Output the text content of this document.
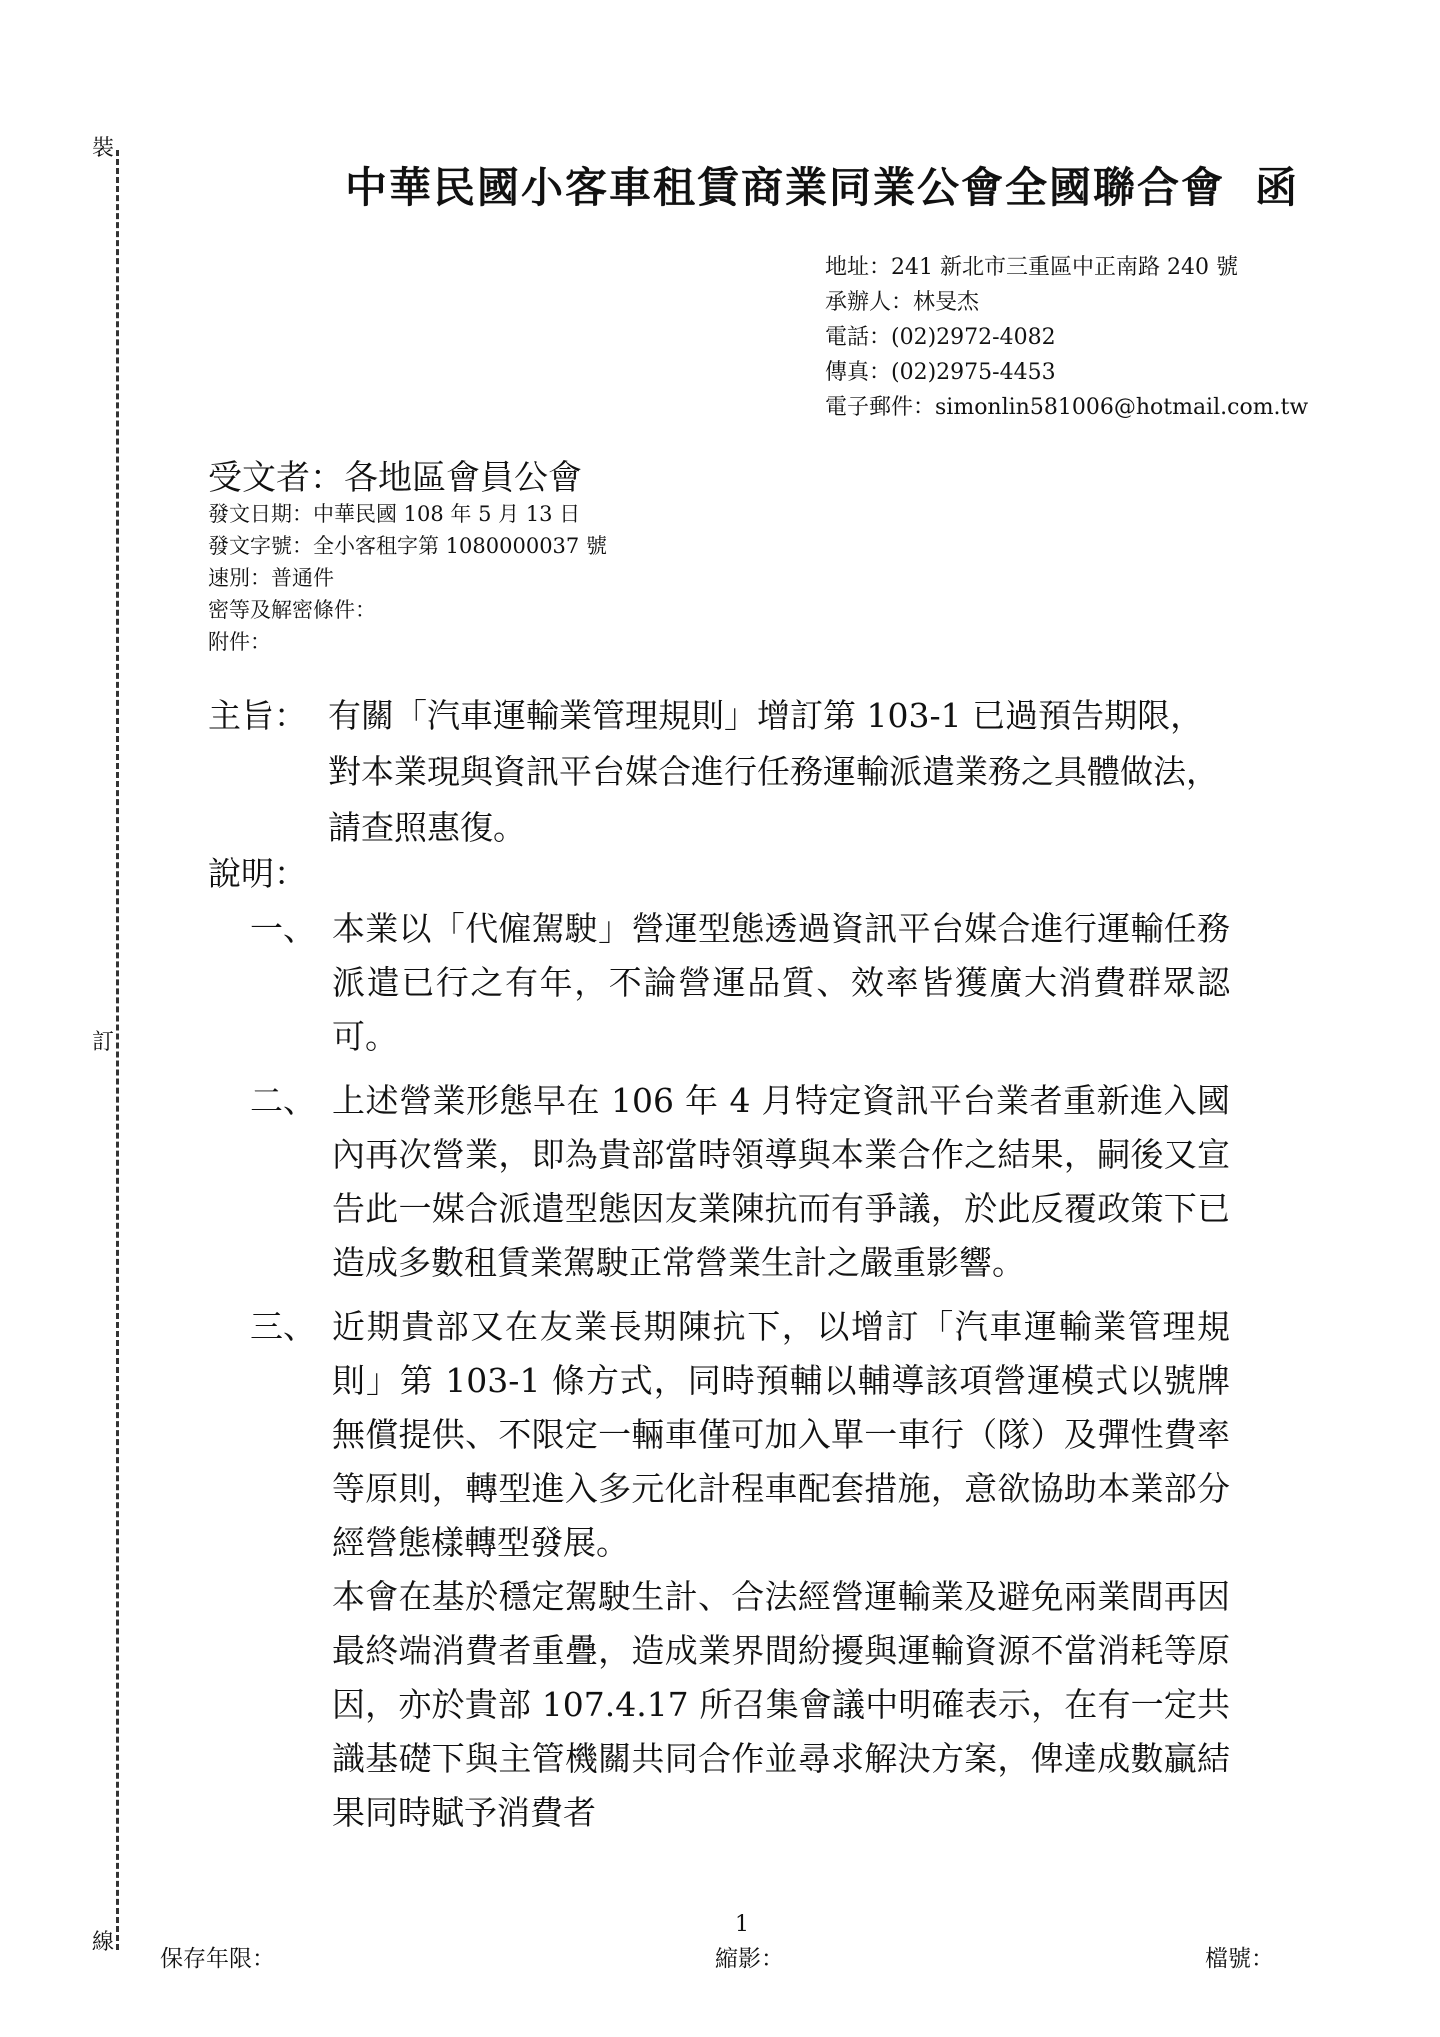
裝
訂
線
中華民國小客車租賃商業同業公會全國聯合會 函
地址：241 新北市三重區中正南路 240 號
承辦人：林旻杰
電話：(02)2972-4082
傳真：(02)2975-4453
電子郵件：simonlin581006@hotmail.com.tw
受文者：各地區會員公會
發文日期：中華民國 108 年 5 月 13 日
發文字號：全小客租字第 1080000037 號
速別：普通件
密等及解密條件：
附件：
主旨： 有關「汽車運輸業管理規則」增訂第 103-1 已過預告期限，對本業現與資訊平台媒合進行任務運輸派遣業務之具體做法，請查照惠復。
說明：
一、 本業以「代僱駕駛」營運型態透過資訊平台媒合進行運輸任務派遣已行之有年，不論營運品質、效率皆獲廣大消費群眾認可。
二、 上述營業形態早在 106 年 4 月特定資訊平台業者重新進入國內再次營業，即為貴部當時領導與本業合作之結果，嗣後又宣告此一媒合派遣型態因友業陳抗而有爭議，於此反覆政策下已造成多數租賃業駕駛正常營業生計之嚴重影響。
三、 近期貴部又在友業長期陳抗下，以增訂「汽車運輸業管理規則」第 103-1 條方式，同時預輔以輔導該項營運模式以號牌無償提供、不限定一輛車僅可加入單一車行（隊）及彈性費率等原則，轉型進入多元化計程車配套措施，意欲協助本業部分經營態樣轉型發展。
本會在基於穩定駕駛生計、合法經營運輸業及避免兩業間再因最終端消費者重疊，造成業界間紛擾與運輸資源不當消耗等原因，亦於貴部 107.4.17 所召集會議中明確表示，在有一定共識基礎下與主管機關共同合作並尋求解決方案，俾達成數贏結果同時賦予消費者
1
保存年限：	縮影：	檔號：
